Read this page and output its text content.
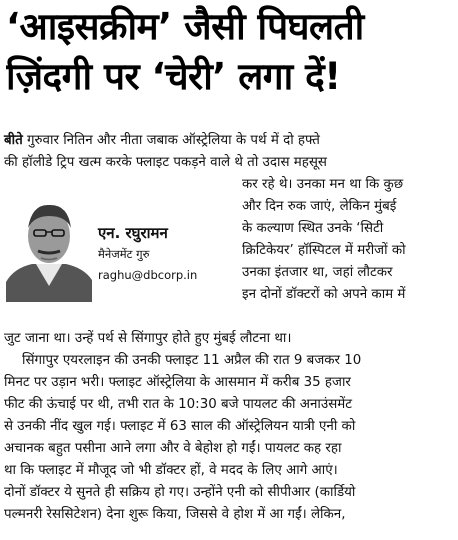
‘आइसक्रीम’ जैसी पिघलती
ज़िंदगी पर ‘चेरी’ लगा दें!
बीते गुरुवार नितिन और नीता जबाक ऑस्ट्रेलिया के पर्थ में दो हफ्ते
की हॉलीडे ट्रिप खत्म करके फ्लाइट पकड़ने वाले थे तो उदास महसूस
एन. रघुरामन
मैनेजमेंट गुरु
raghu@dbcorp.in
कर रहे थे। उनका मन था कि कुछ
और दिन रुक जाएं, लेकिन मुंबई
के कल्याण स्थित उनके ‘सिटी
क्रिटिकेयर’ हॉस्पिटल में मरीजों को
उनका इंतजार था, जहां लौटकर
इन दोनों डॉक्टरों को अपने काम में
जुट जाना था। उन्हें पर्थ से सिंगापुर होते हुए मुंबई लौटना था।
सिंगापुर एयरलाइन की उनकी फ्लाइट 11 अप्रैल की रात 9 बजकर 10
मिनट पर उड़ान भरी। फ्लाइट ऑस्ट्रेलिया के आसमान में करीब 35 हजार
फीट की ऊंचाई पर थी, तभी रात के 10:30 बजे पायलट की अनाउंसमेंट
से उनकी नींद खुल गई। फ्लाइट में 63 साल की ऑस्ट्रेलियन यात्री एनी को
अचानक बहुत पसीना आने लगा और वे बेहोश हो गईं। पायलट कह रहा
था कि फ्लाइट में मौजूद जो भी डॉक्टर हों, वे मदद के लिए आगे आएं।
दोनों डॉक्टर ये सुनते ही सक्रिय हो गए। उन्होंने एनी को सीपीआर (कार्डियो
पल्मनरी रेससिटेशन) देना शुरू किया, जिससे वे होश में आ गईं। लेकिन,
